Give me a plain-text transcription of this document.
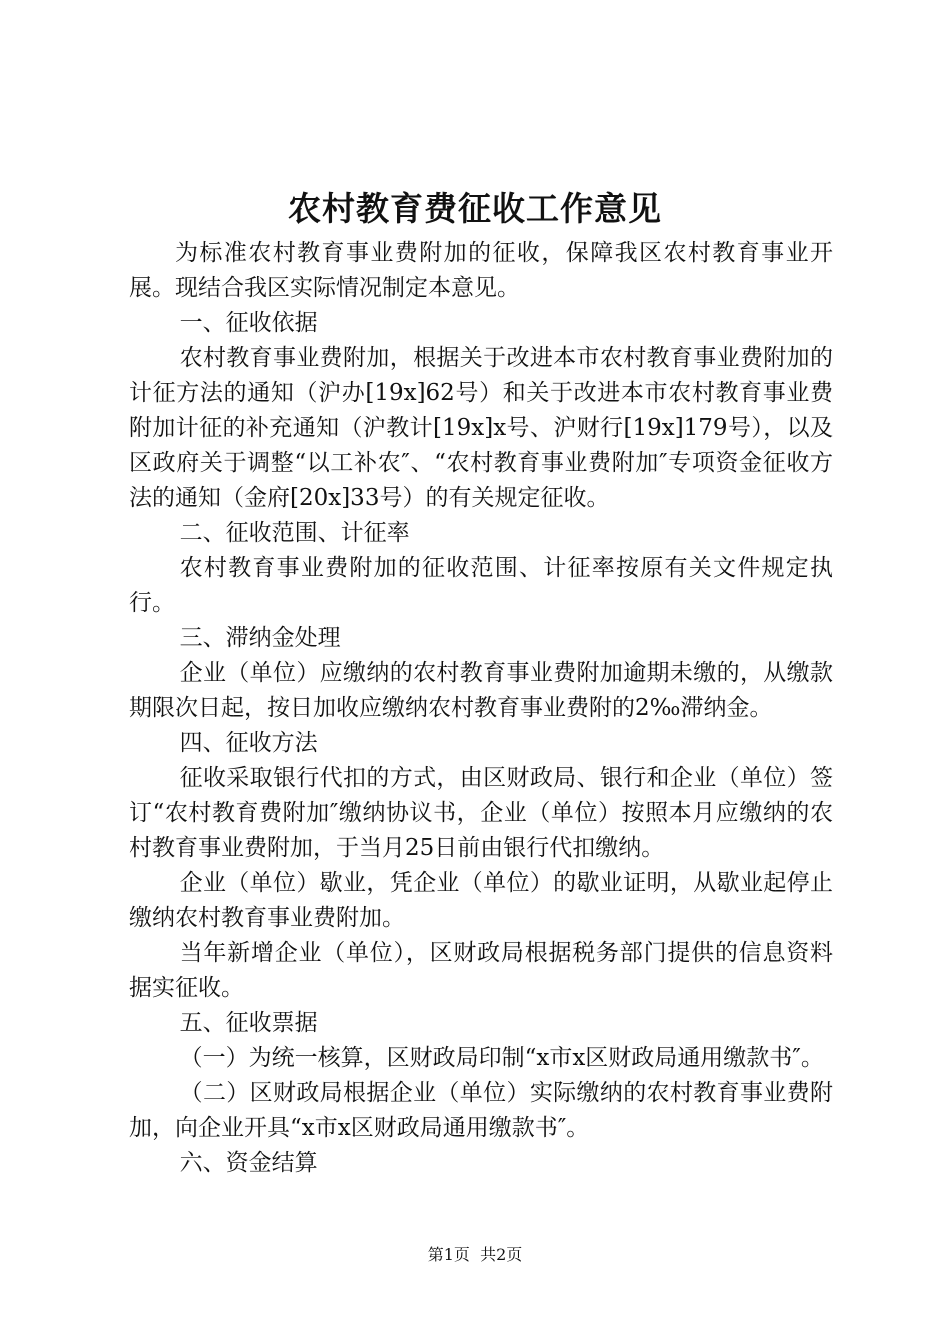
农村教育费征收工作意见

为标准农村教育事业费附加的征收，保障我区农村教育事业开展。现结合我区实际情况制定本意见。

一、征收依据

农村教育事业费附加，根据关于改进本市农村教育事业费附加的计征方法的通知（沪办[19x]62号）和关于改进本市农村教育事业费附加计征的补充通知（沪教计[19x]x号、沪财行[19x]179号），以及区政府关于调整“以工补农″、“农村教育事业费附加″专项资金征收方法的通知（金府[20x]33号）的有关规定征收。

二、征收范围、计征率

农村教育事业费附加的征收范围、计征率按原有关文件规定执行。

三、滞纳金处理

企业（单位）应缴纳的农村教育事业费附加逾期未缴的，从缴款期限次日起，按日加收应缴纳农村教育事业费附的2‰滞纳金。

四、征收方法

征收采取银行代扣的方式，由区财政局、银行和企业（单位）签订“农村教育费附加″缴纳协议书，企业（单位）按照本月应缴纳的农村教育事业费附加，于当月25日前由银行代扣缴纳。

企业（单位）歇业，凭企业（单位）的歇业证明，从歇业起停止缴纳农村教育事业费附加。

当年新增企业（单位），区财政局根据税务部门提供的信息资料据实征收。

五、征收票据

（一）为统一核算，区财政局印制“x市x区财政局通用缴款书″。

（二）区财政局根据企业（单位）实际缴纳的农村教育事业费附加，向企业开具“x市x区财政局通用缴款书″。

六、资金结算

第1页 共2页
